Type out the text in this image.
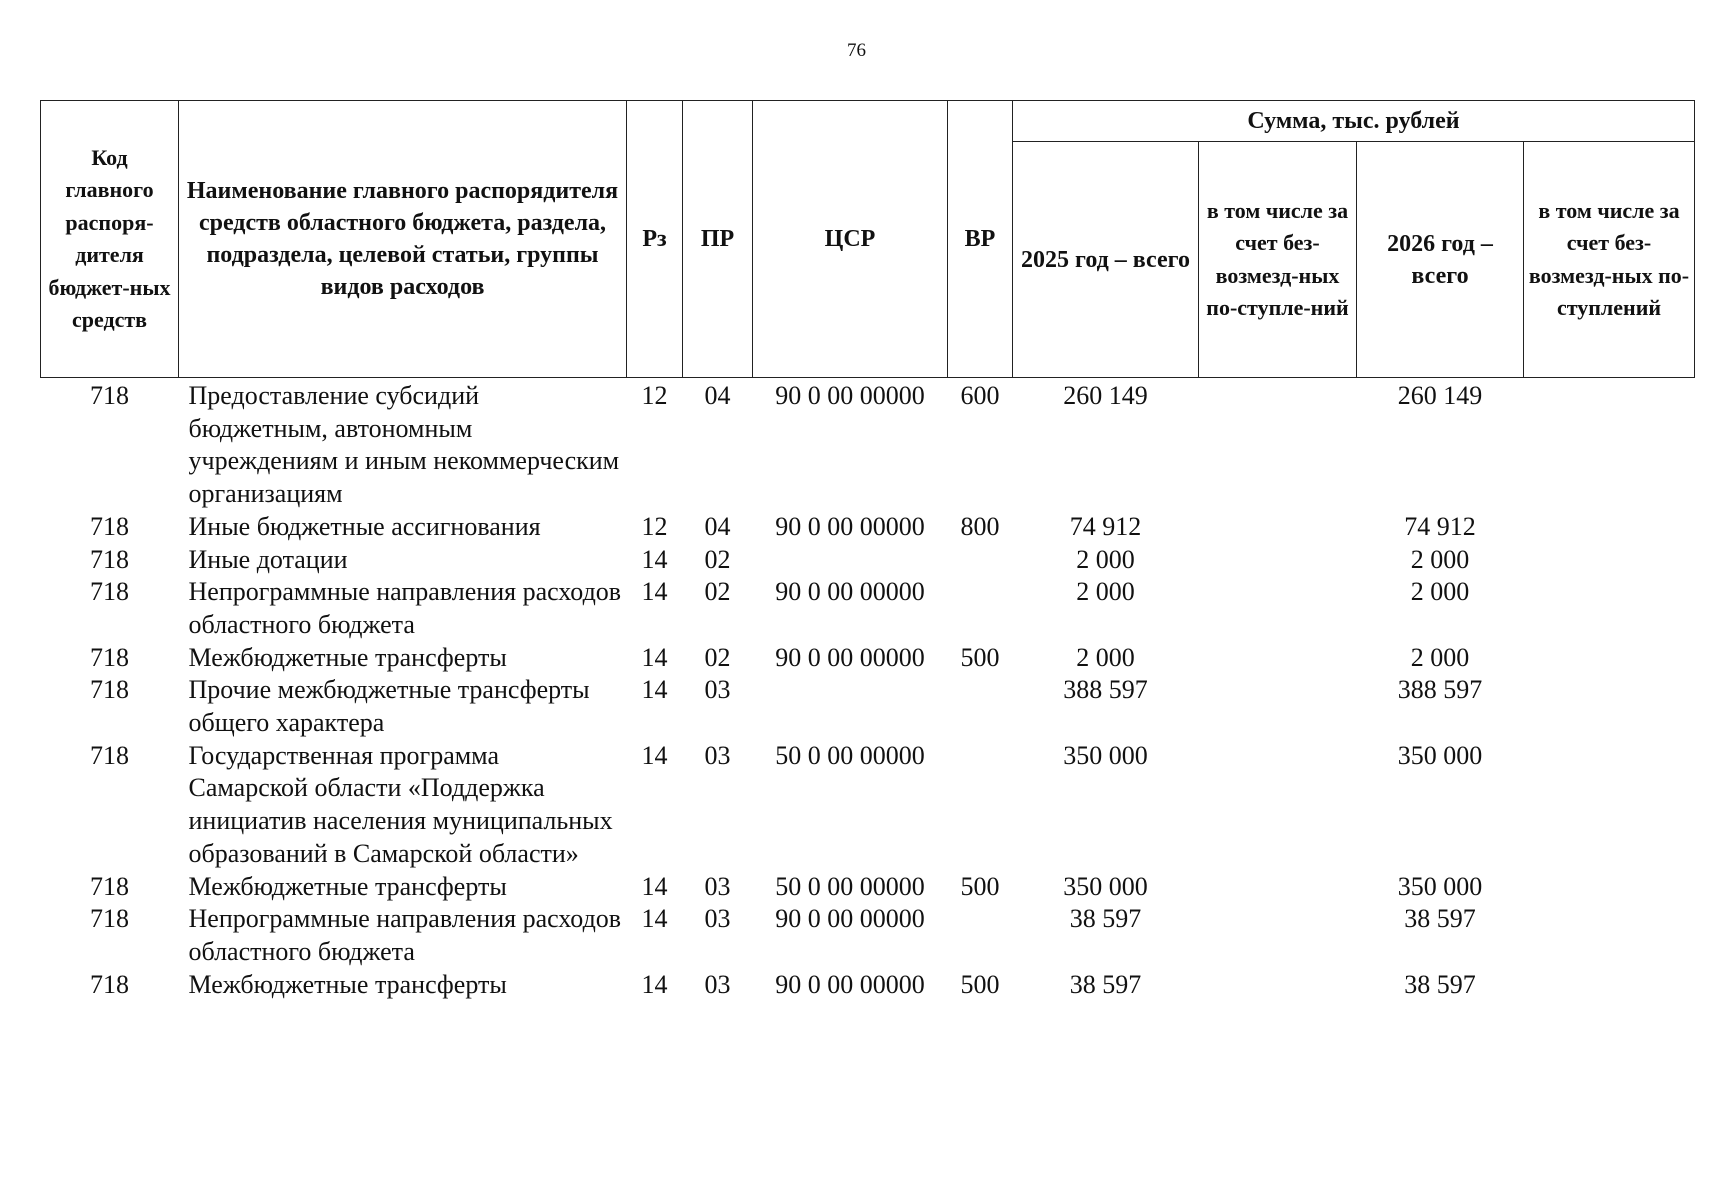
76
Код главного распоря-дителя бюджет-ных средств	Наименование главного распорядителя средств областного бюджета, раздела, подраздела, целевой статьи, группы видов расходов	Рз	ПР	ЦСР	ВР	Сумма, тыс. рублей			
						2025 год – всего	в том числе за счет без-возмезд-ных по-ступле-ний	2026 год – всего	в том числе за счет без-возмезд-ных по-ступлений
718	Предоставление субсидий бюджетным, автономным учреждениям и иным некоммерческим организациям	12	04	90 0 00 00000	600	260 149		260 149	
718	Иные бюджетные ассигнования	12	04	90 0 00 00000	800	74 912		74 912	
718	Иные дотации	14	02			2 000		2 000	
718	Непрограммные направления расходов областного бюджета	14	02	90 0 00 00000		2 000		2 000	
718	Межбюджетные трансферты	14	02	90 0 00 00000	500	2 000		2 000	
718	Прочие межбюджетные трансферты общего характера	14	03			388 597		388 597	
718	Государственная программа Самарской области «Поддержка инициатив населения муниципальных образований в Самарской области»	14	03	50 0 00 00000		350 000		350 000	
718	Межбюджетные трансферты	14	03	50 0 00 00000	500	350 000		350 000	
718	Непрограммные направления расходов областного бюджета	14	03	90 0 00 00000		38 597		38 597	
718	Межбюджетные трансферты	14	03	90 0 00 00000	500	38 597		38 597	
